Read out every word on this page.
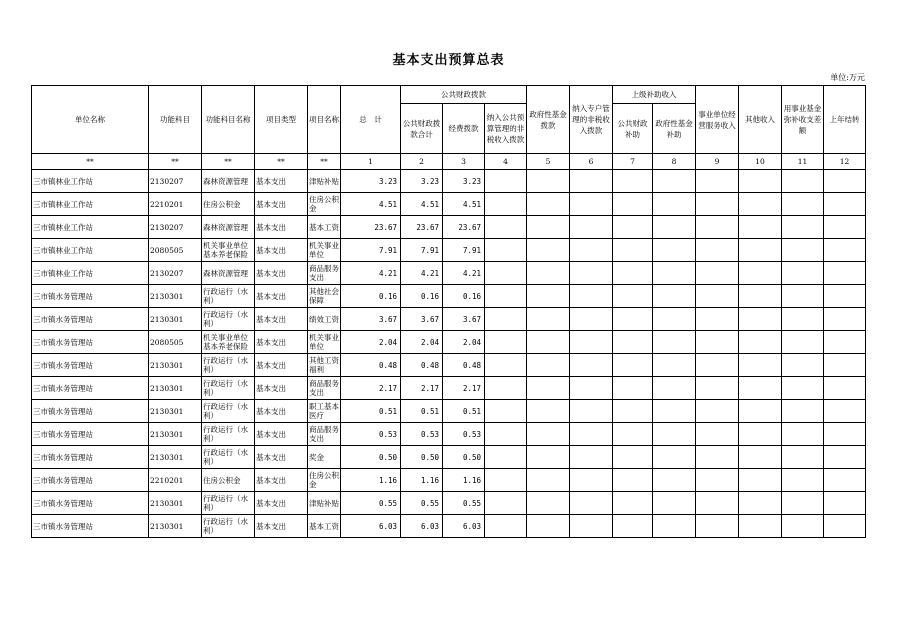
基本支出预算总表
单位:万元
单位名称	功能科目	功能科目名称	项目类型	项目名称	总　计	公共财政拨款			政府性基金拨款	纳入专户管理的非税收入拨款	上级补助收入		事业单位经营服务收入	其他收入	用事业基金弥补收支差额	上年结转
						公共财政拨款合计	经费拨款	纳入公共预算管理的非税收入拨款			公共财政补助	政府性基金补助				
**	**	**	**	**	1	2	3	4	5	6	7	8	9	10	11	12
三市镇林业工作站	2130207	森林资源管理	基本支出	津贴补贴	3.23	3.23	3.23									
三市镇林业工作站	2210201	住房公积金	基本支出	住房公积金	4.51	4.51	4.51									
三市镇林业工作站	2130207	森林资源管理	基本支出	基本工资	23.67	23.67	23.67									
三市镇林业工作站	2080505	机关事业单位基本养老保险	基本支出	机关事业单位	7.91	7.91	7.91									
三市镇林业工作站	2130207	森林资源管理	基本支出	商品服务支出	4.21	4.21	4.21									
三市镇水务管理站	2130301	行政运行（水利）	基本支出	其他社会保障	0.16	0.16	0.16									
三市镇水务管理站	2130301	行政运行（水利）	基本支出	绩效工资	3.67	3.67	3.67									
三市镇水务管理站	2080505	机关事业单位基本养老保险	基本支出	机关事业单位	2.04	2.04	2.04									
三市镇水务管理站	2130301	行政运行（水利）	基本支出	其他工资福利	0.48	0.48	0.48									
三市镇水务管理站	2130301	行政运行（水利）	基本支出	商品服务支出	2.17	2.17	2.17									
三市镇水务管理站	2130301	行政运行（水利）	基本支出	职工基本医疗	0.51	0.51	0.51									
三市镇水务管理站	2130301	行政运行（水利）	基本支出	商品服务支出	0.53	0.53	0.53									
三市镇水务管理站	2130301	行政运行（水利）	基本支出	奖金	0.50	0.50	0.50									
三市镇水务管理站	2210201	住房公积金	基本支出	住房公积金	1.16	1.16	1.16									
三市镇水务管理站	2130301	行政运行（水利）	基本支出	津贴补贴	0.55	0.55	0.55									
三市镇水务管理站	2130301	行政运行（水利）	基本支出	基本工资	6.03	6.03	6.03									
